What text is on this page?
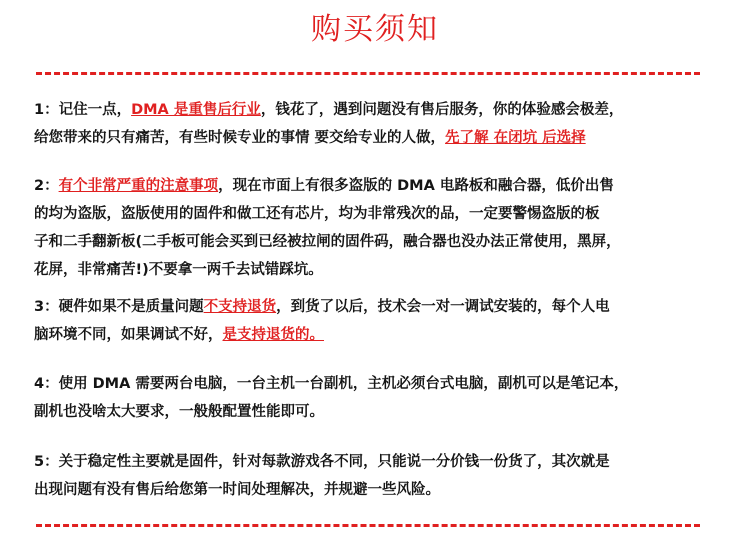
购买须知
1：记住一点，DMA 是重售后行业，钱花了，遇到问题没有售后服务，你的体验感会极差，
给您带来的只有痛苦，有些时候专业的事情 要交给专业的人做，先了解 在闭坑 后选择
2：有个非常严重的注意事项，现在市面上有很多盗版的 DMA 电路板和融合器，低价出售
的均为盗版，盗版使用的固件和做工还有芯片，均为非常残次的品，一定要警惕盗版的板
子和二手翻新板(二手板可能会买到已经被拉闸的固件码，融合器也没办法正常使用，黑屏，
花屏，非常痛苦!)不要拿一两千去试错踩坑。
3：硬件如果不是质量问题不支持退货，到货了以后，技术会一对一调试安装的，每个人电
脑环境不同，如果调试不好，是支持退货的。
4：使用 DMA 需要两台电脑，一台主机一台副机，主机必须台式电脑，副机可以是笔记本，
副机也没啥太大要求，一般般配置性能即可。
5：关于稳定性主要就是固件，针对每款游戏各不同，只能说一分价钱一份货了，其次就是
出现问题有没有售后给您第一时间处理解决，并规避一些风险。
